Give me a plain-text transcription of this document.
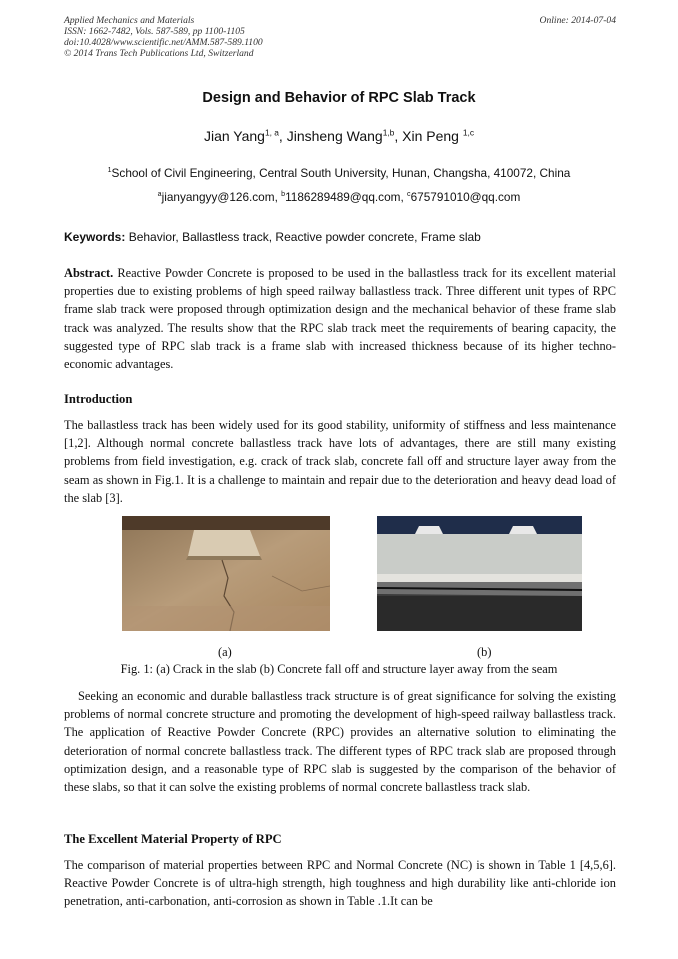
Applied Mechanics and Materials
ISSN: 1662-7482, Vols. 587-589, pp 1100-1105
doi:10.4028/www.scientific.net/AMM.587-589.1100
© 2014 Trans Tech Publications Ltd, Switzerland
Online: 2014-07-04
Design and Behavior of RPC Slab Track
Jian Yang$^{1, a}$, Jinsheng Wang$^{1,b}$, Xin Peng $^{1,c}$
$^1$School of Civil Engineering, Central South University, Hunan, Changsha, 410072, China
$^a$jianyangyy@126.com, $^b$1186289489@qq.com, $^c$675791010@qq.com
Keywords: Behavior, Ballastless track, Reactive powder concrete, Frame slab
Abstract. Reactive Powder Concrete is proposed to be used in the ballastless track for its excellent material properties due to existing problems of high speed railway ballastless track. Three different unit types of RPC frame slab track were proposed through optimization design and the mechanical behavior of these frame slab track was analyzed. The results show that the RPC slab track meet the requirements of bearing capacity, the suggested type of RPC slab track is a frame slab with increased thickness because of its higher techno-economic advantages.
Introduction
The ballastless track has been widely used for its good stability, uniformity of stiffness and less maintenance [1,2]. Although normal concrete ballastless track have lots of advantages, there are still many existing problems from field investigation, e.g. crack of track slab, concrete fall off and structure layer away from the seam as shown in Fig.1. It is a challenge to maintain and repair due to the deterioration and heavy dead load of the slab [3].
(a)	(b)
Fig. 1: (a) Crack in the slab (b) Concrete fall off and structure layer away from the seam
Seeking an economic and durable ballastless track structure is of great significance for solving the existing problems of normal concrete structure and promoting the development of high-speed railway ballastless track. The application of Reactive Powder Concrete (RPC) provides an alternative solution to eliminating the deterioration of normal concrete ballastless track. The different types of RPC track slab are proposed through optimization design, and a reasonable type of RPC slab is suggested by the comparison of the behavior of these slabs, so that it can solve the existing problems of normal concrete ballastless track slab.
The Excellent Material Property of RPC
The comparison of material properties between RPC and Normal Concrete (NC) is shown in Table 1 [4,5,6]. Reactive Powder Concrete is of ultra-high strength, high toughness and high durability like anti-chloride ion penetration, anti-carbonation, anti-corrosion as shown in Table .1.It can be
